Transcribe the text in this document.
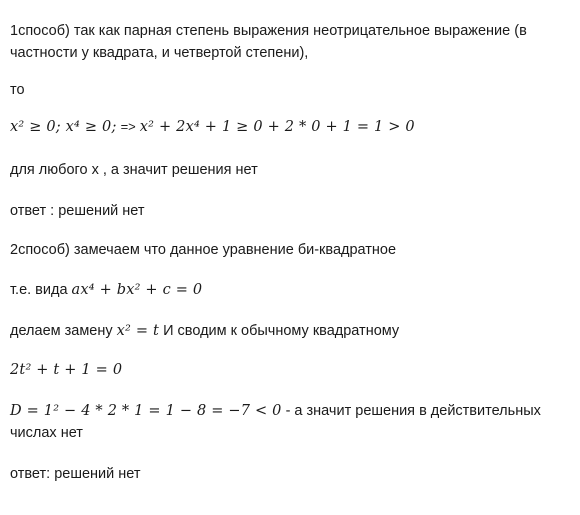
1способ) так как парная степень выражения неотрицательное выражение (в частности у квадрата, и четвертой степени),
то
x² ≥ 0; x⁴ ≥ 0; => x² + 2x⁴ + 1 ≥ 0 + 2 * 0 + 1 = 1 > 0
для любого x , а значит решения нет
ответ : решений нет
2способ) замечаем что данное уравнение би-квадратное
т.е. вида ax⁴ + bx² + c = 0
делаем замену x² = t И сводим к обычному квадратному
2t² + t + 1 = 0
D = 1² − 4 * 2 * 1 = 1 − 8 = −7 < 0 - а значит решения в действительных числах нет
ответ: решений нет
